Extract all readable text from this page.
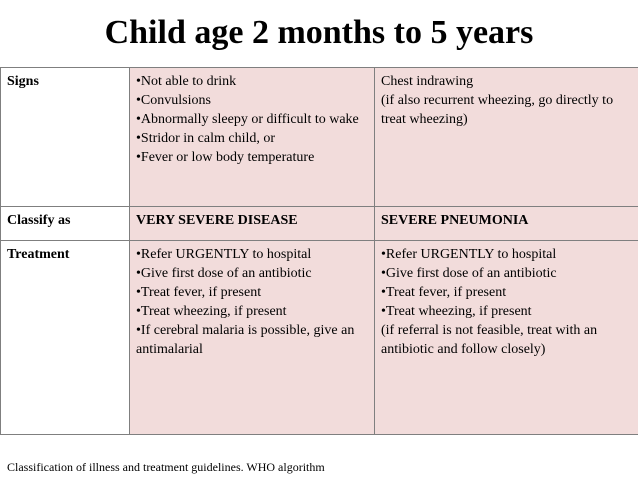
Child age 2 months to 5 years
Signs	•Not able to drink
•Convulsions
•Abnormally sleepy or difficult to wake
•Stridor in calm child, or
•Fever or low body temperature	Chest indrawing
(if also recurrent wheezing, go directly to treat wheezing)

Classify as	VERY SEVERE DISEASE	SEVERE PNEUMONIA
Treatment	•Refer URGENTLY to hospital
•Give first dose of an antibiotic
•Treat fever, if present
•Treat wheezing, if present
•If cerebral malaria is possible, give an antimalarial	•Refer URGENTLY to hospital
•Give first dose of an antibiotic
•Treat fever, if present
•Treat wheezing, if present
(if referral is not feasible, treat with an antibiotic and follow closely)
Classification of illness and treatment guidelines. WHO algorithm
